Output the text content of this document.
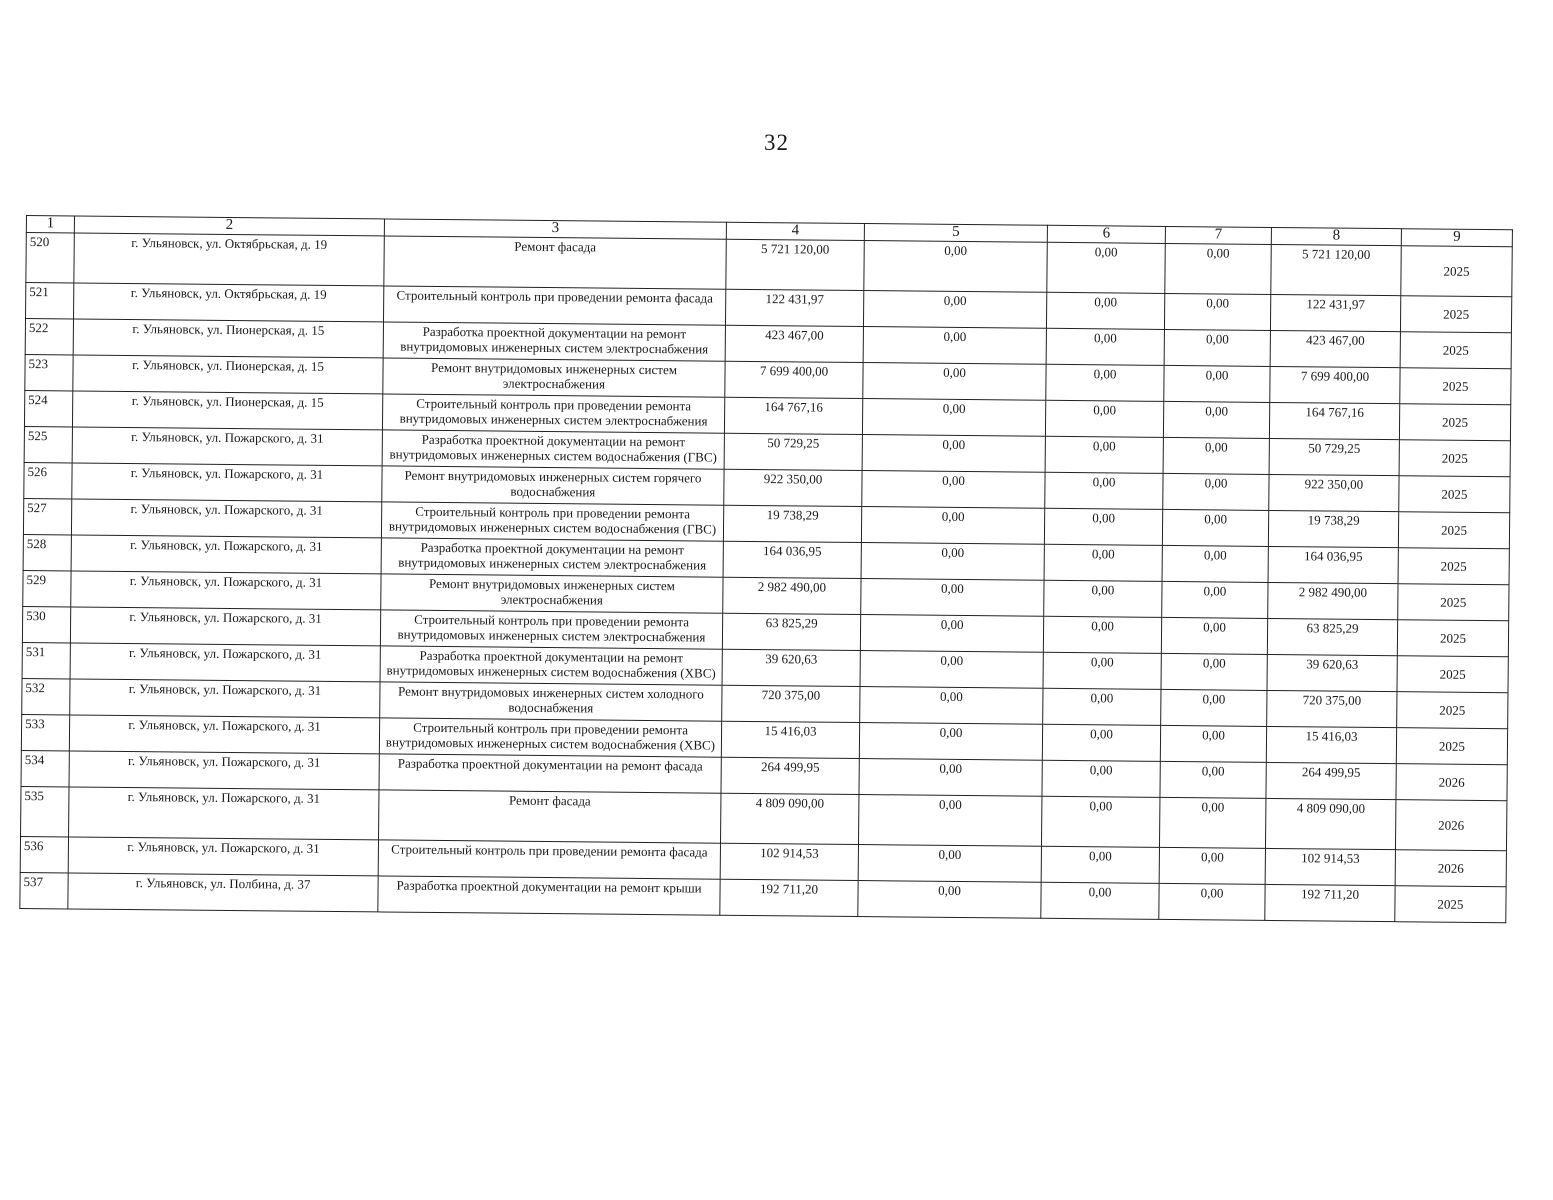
32
1	2	3	4	5	6	7	8	9
520	г. Ульяновск, ул. Октябрьская, д. 19	Ремонт фасада	5 721 120,00	0,00	0,00	0,00	5 721 120,00	2025
521	г. Ульяновск, ул. Октябрьская, д. 19	Строительный контроль при проведении ремонта фасада	122 431,97	0,00	0,00	0,00	122 431,97	2025
522	г. Ульяновск, ул. Пионерская, д. 15	Разработка проектной документации на ремонт внутридомовых инженерных систем электроснабжения	423 467,00	0,00	0,00	0,00	423 467,00	2025
523	г. Ульяновск, ул. Пионерская, д. 15	Ремонт внутридомовых инженерных систем электроснабжения	7 699 400,00	0,00	0,00	0,00	7 699 400,00	2025
524	г. Ульяновск, ул. Пионерская, д. 15	Строительный контроль при проведении ремонта внутридомовых инженерных систем электроснабжения	164 767,16	0,00	0,00	0,00	164 767,16	2025
525	г. Ульяновск, ул. Пожарского, д. 31	Разработка проектной документации на ремонт внутридомовых инженерных систем водоснабжения (ГВС)	50 729,25	0,00	0,00	0,00	50 729,25	2025
526	г. Ульяновск, ул. Пожарского, д. 31	Ремонт внутридомовых инженерных систем горячего водоснабжения	922 350,00	0,00	0,00	0,00	922 350,00	2025
527	г. Ульяновск, ул. Пожарского, д. 31	Строительный контроль при проведении ремонта внутридомовых инженерных систем водоснабжения (ГВС)	19 738,29	0,00	0,00	0,00	19 738,29	2025
528	г. Ульяновск, ул. Пожарского, д. 31	Разработка проектной документации на ремонт внутридомовых инженерных систем электроснабжения	164 036,95	0,00	0,00	0,00	164 036,95	2025
529	г. Ульяновск, ул. Пожарского, д. 31	Ремонт внутридомовых инженерных систем электроснабжения	2 982 490,00	0,00	0,00	0,00	2 982 490,00	2025
530	г. Ульяновск, ул. Пожарского, д. 31	Строительный контроль при проведении ремонта внутридомовых инженерных систем электроснабжения	63 825,29	0,00	0,00	0,00	63 825,29	2025
531	г. Ульяновск, ул. Пожарского, д. 31	Разработка проектной документации на ремонт внутридомовых инженерных систем водоснабжения (ХВС)	39 620,63	0,00	0,00	0,00	39 620,63	2025
532	г. Ульяновск, ул. Пожарского, д. 31	Ремонт внутридомовых инженерных систем холодного водоснабжения	720 375,00	0,00	0,00	0,00	720 375,00	2025
533	г. Ульяновск, ул. Пожарского, д. 31	Строительный контроль при проведении ремонта внутридомовых инженерных систем водоснабжения (ХВС)	15 416,03	0,00	0,00	0,00	15 416,03	2025
534	г. Ульяновск, ул. Пожарского, д. 31	Разработка проектной документации на ремонт фасада	264 499,95	0,00	0,00	0,00	264 499,95	2026
535	г. Ульяновск, ул. Пожарского, д. 31	Ремонт фасада	4 809 090,00	0,00	0,00	0,00	4 809 090,00	2026
536	г. Ульяновск, ул. Пожарского, д. 31	Строительный контроль при проведении ремонта фасада	102 914,53	0,00	0,00	0,00	102 914,53	2026
537	г. Ульяновск, ул. Полбина, д. 37	Разработка проектной документации на ремонт крыши	192 711,20	0,00	0,00	0,00	192 711,20	2025
